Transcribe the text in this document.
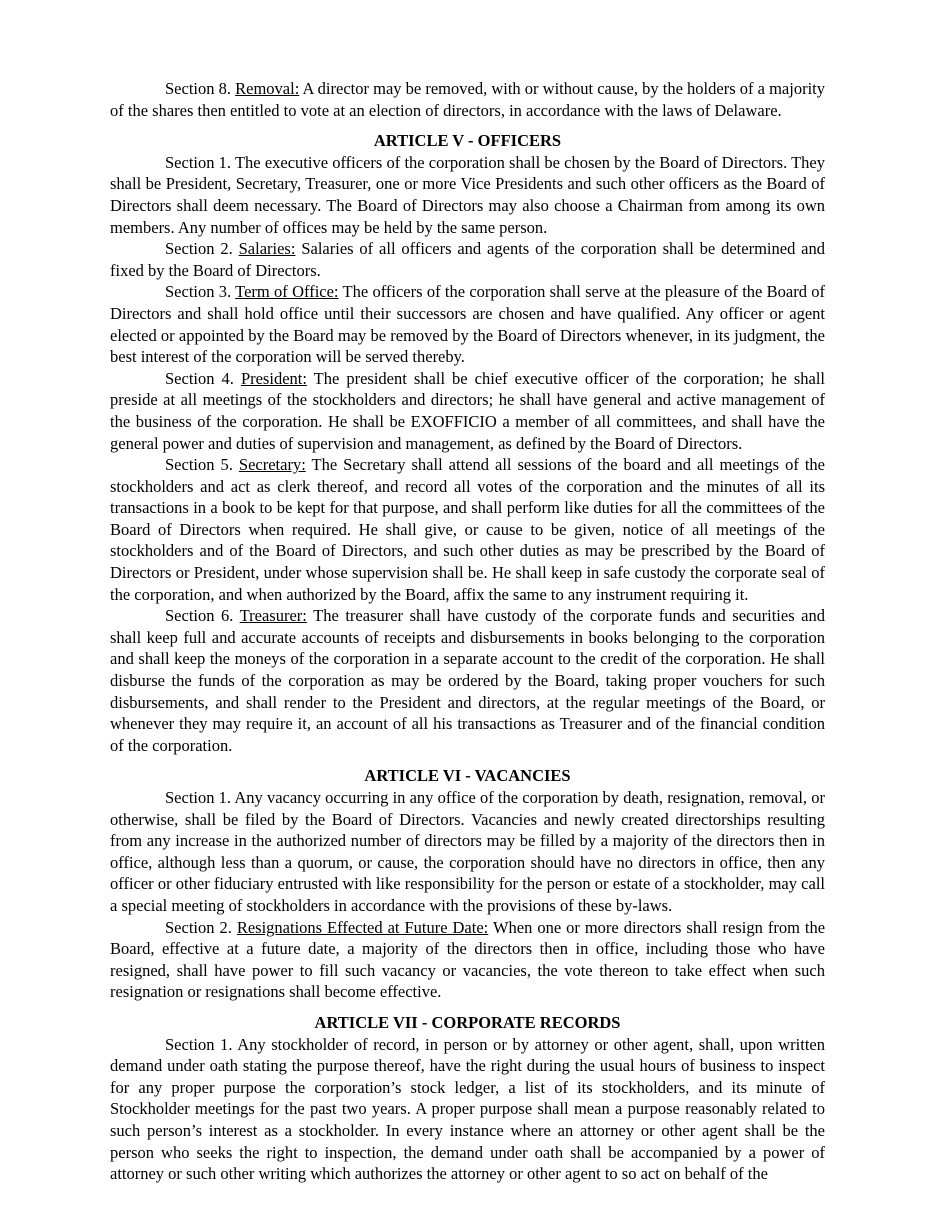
Section 8. Removal: A director may be removed, with or without cause, by the holders of a majority of the shares then entitled to vote at an election of directors, in accordance with the laws of Delaware.

ARTICLE V - OFFICERS

Section 1. The executive officers of the corporation shall be chosen by the Board of Directors. They shall be President, Secretary, Treasurer, one or more Vice Presidents and such other officers as the Board of Directors shall deem necessary. The Board of Directors may also choose a Chairman from among its own members. Any number of offices may be held by the same person.

Section 2. Salaries: Salaries of all officers and agents of the corporation shall be determined and fixed by the Board of Directors.

Section 3. Term of Office: The officers of the corporation shall serve at the pleasure of the Board of Directors and shall hold office until their successors are chosen and have qualified. Any officer or agent elected or appointed by the Board may be removed by the Board of Directors whenever, in its judgment, the best interest of the corporation will be served thereby.

Section 4. President: The president shall be chief executive officer of the corporation; he shall preside at all meetings of the stockholders and directors; he shall have general and active management of the business of the corporation. He shall be EXOFFICIO a member of all committees, and shall have the general power and duties of supervision and management, as defined by the Board of Directors.

Section 5. Secretary: The Secretary shall attend all sessions of the board and all meetings of the stockholders and act as clerk thereof, and record all votes of the corporation and the minutes of all its transactions in a book to be kept for that purpose, and shall perform like duties for all the committees of the Board of Directors when required. He shall give, or cause to be given, notice of all meetings of the stockholders and of the Board of Directors, and such other duties as may be prescribed by the Board of Directors or President, under whose supervision shall be. He shall keep in safe custody the corporate seal of the corporation, and when authorized by the Board, affix the same to any instrument requiring it.

Section 6. Treasurer: The treasurer shall have custody of the corporate funds and securities and shall keep full and accurate accounts of receipts and disbursements in books belonging to the corporation and shall keep the moneys of the corporation in a separate account to the credit of the corporation. He shall disburse the funds of the corporation as may be ordered by the Board, taking proper vouchers for such disbursements, and shall render to the President and directors, at the regular meetings of the Board, or whenever they may require it, an account of all his transactions as Treasurer and of the financial condition of the corporation.

ARTICLE VI - VACANCIES

Section 1. Any vacancy occurring in any office of the corporation by death, resignation, removal, or otherwise, shall be filed by the Board of Directors. Vacancies and newly created directorships resulting from any increase in the authorized number of directors may be filled by a majority of the directors then in office, although less than a quorum, or cause, the corporation should have no directors in office, then any officer or other fiduciary entrusted with like responsibility for the person or estate of a stockholder, may call a special meeting of stockholders in accordance with the provisions of these by-laws.

Section 2. Resignations Effected at Future Date: When one or more directors shall resign from the Board, effective at a future date, a majority of the directors then in office, including those who have resigned, shall have power to fill such vacancy or vacancies, the vote thereon to take effect when such resignation or resignations shall become effective.

ARTICLE VII - CORPORATE RECORDS

Section 1. Any stockholder of record, in person or by attorney or other agent, shall, upon written demand under oath stating the purpose thereof, have the right during the usual hours of business to inspect for any proper purpose the corporation’s stock ledger, a list of its stockholders, and its minute of Stockholder meetings for the past two years. A proper purpose shall mean a purpose reasonably related to such person’s interest as a stockholder. In every instance where an attorney or other agent shall be the person who seeks the right to inspection, the demand under oath shall be accompanied by a power of attorney or such other writing which authorizes the attorney or other agent to so act on behalf of the
